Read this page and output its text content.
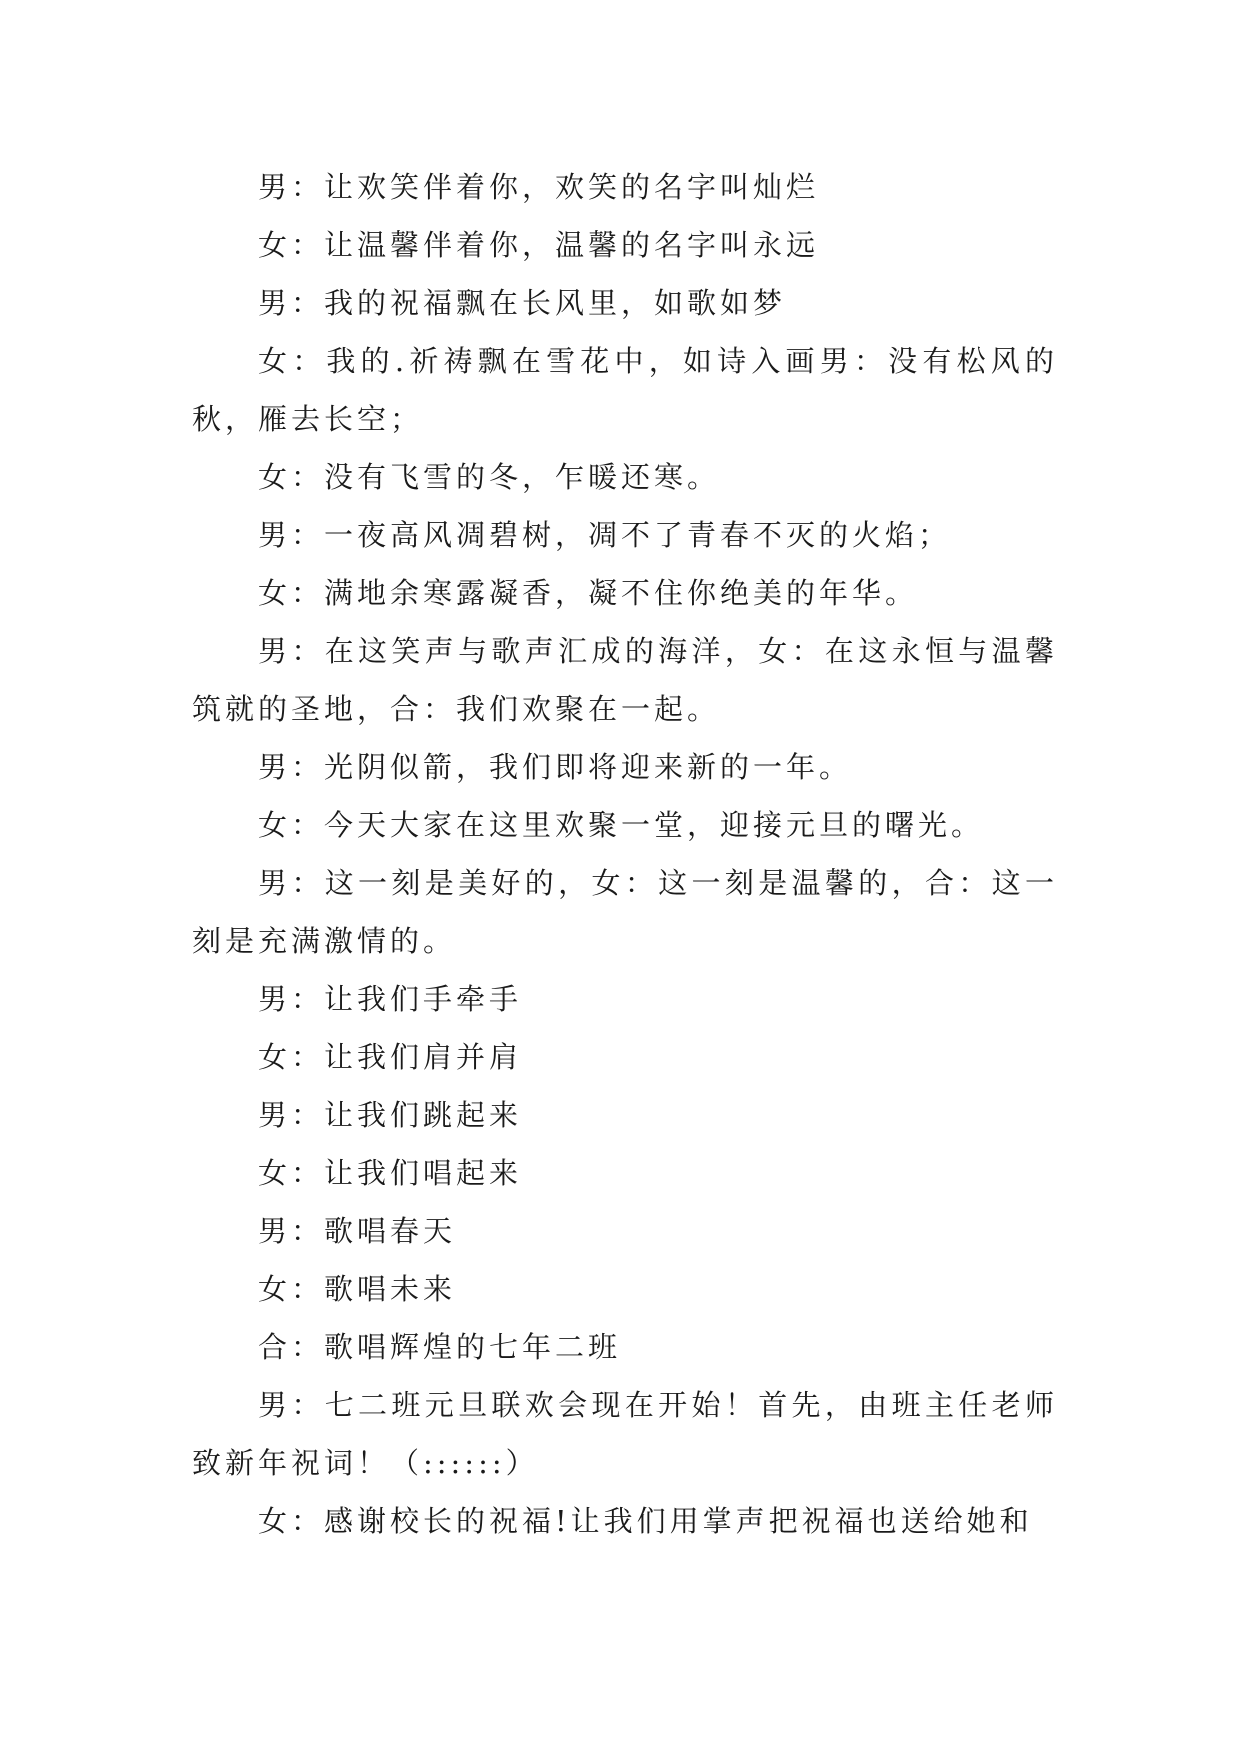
男：让欢笑伴着你，欢笑的名字叫灿烂

女：让温馨伴着你，温馨的名字叫永远

男：我的祝福飘在长风里，如歌如梦

女：我的.祈祷飘在雪花中，如诗入画男：没有松风的秋，雁去长空；

女：没有飞雪的冬，乍暖还寒。

男：一夜高风凋碧树，凋不了青春不灭的火焰；

女：满地余寒露凝香，凝不住你绝美的年华。

男：在这笑声与歌声汇成的海洋，女：在这永恒与温馨筑就的圣地，合：我们欢聚在一起。

男：光阴似箭，我们即将迎来新的一年。

女：今天大家在这里欢聚一堂，迎接元旦的曙光。

男：这一刻是美好的，女：这一刻是温馨的，合：这一刻是充满激情的。

男：让我们手牵手

女：让我们肩并肩

男：让我们跳起来

女：让我们唱起来

男：歌唱春天

女：歌唱未来

合：歌唱辉煌的七年二班

男：七二班元旦联欢会现在开始！首先，由班主任老师致新年祝词！（::::::）

女：感谢校长的祝福!让我们用掌声把祝福也送给她和
